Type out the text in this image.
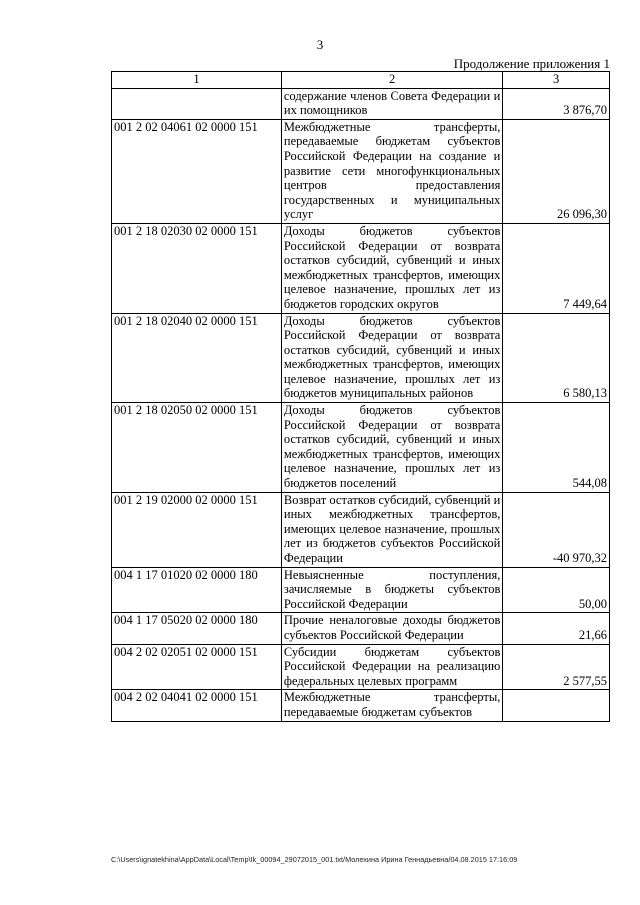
3
Продолжение приложения 1
1	2	3
	содержание членов Совета Федерации и их помощников	3 876,70
001 2 02 04061 02 0000 151	Межбюджетные трансферты, передаваемые бюджетам субъектов Российской Федерации на создание и развитие сети многофункциональных центров предоставления государственных и муниципальных услуг	26 096,30
001 2 18 02030 02 0000 151	Доходы бюджетов субъектов Российской Федерации от возврата остатков субсидий, субвенций и иных межбюджетных трансфертов, имеющих целевое назначение, прошлых лет из бюджетов городских округов	7 449,64
001 2 18 02040 02 0000 151	Доходы бюджетов субъектов Российской Федерации от возврата остатков субсидий, субвенций и иных межбюджетных трансфертов, имеющих целевое назначение, прошлых лет из бюджетов муниципальных районов	6 580,13
001 2 18 02050 02 0000 151	Доходы бюджетов субъектов Российской Федерации от возврата остатков субсидий, субвенций и иных межбюджетных трансфертов, имеющих целевое назначение, прошлых лет из бюджетов поселений	544,08
001 2 19 02000 02 0000 151	Возврат остатков субсидий, субвенций и иных межбюджетных трансфертов, имеющих целевое назначение, прошлых лет из бюджетов субъектов Российской Федерации	-40 970,32
004 1 17 01020 02 0000 180	Невыясненные поступления, зачисляемые в бюджеты субъектов Российской Федерации	50,00
004 1 17 05020 02 0000 180	Прочие неналоговые доходы бюджетов субъектов Российской Федерации	21,66
004 2 02 02051 02 0000 151	Субсидии бюджетам субъектов Российской Федерации на реализацию федеральных целевых программ	2 577,55
004 2 02 04041 02 0000 151	Межбюджетные трансферты, передаваемые бюджетам субъектов	
C:\Users\ignatekhina\AppData\Local\Temp\Ik_00094_29072015_001.txt/Молехина Ирина Геннадьевна/04.08.2015 17:16:09
